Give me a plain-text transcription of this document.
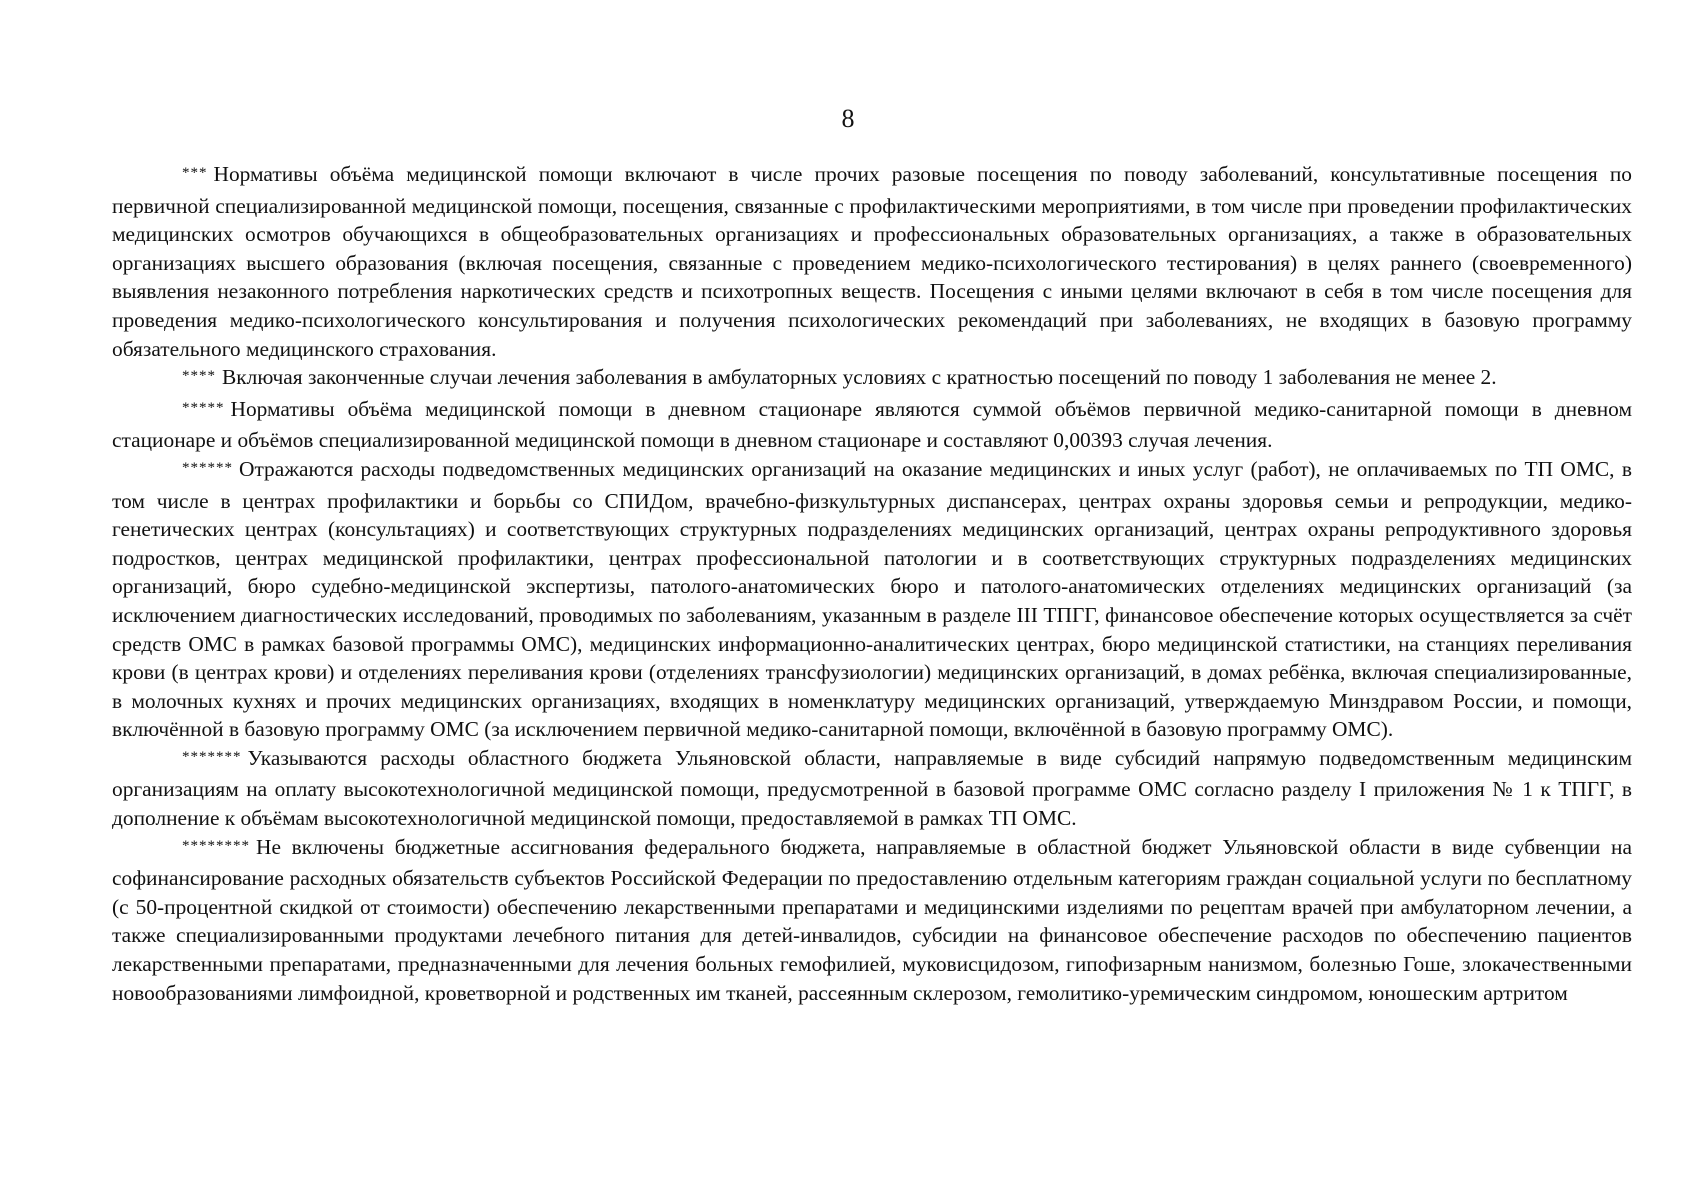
8

*** Нормативы объёма медицинской помощи включают в числе прочих разовые посещения по поводу заболеваний, консультативные посещения по первичной специализированной медицинской помощи, посещения, связанные с профилактическими мероприятиями, в том числе при проведении профилактических медицинских осмотров обучающихся в общеобразовательных организациях и профессиональных образовательных организациях, а также в образовательных организациях высшего образования (включая посещения, связанные с проведением медико-психологического тестирования) в целях раннего (своевременного) выявления незаконного потребления наркотических средств и психотропных веществ. Посещения с иными целями включают в себя в том числе посещения для проведения медико-психологического консультирования и получения психологических рекомендаций при заболеваниях, не входящих в базовую программу обязательного медицинского страхования.

**** Включая законченные случаи лечения заболевания в амбулаторных условиях с кратностью посещений по поводу 1 заболевания не менее 2.

***** Нормативы объёма медицинской помощи в дневном стационаре являются суммой объёмов первичной медико-санитарной помощи в дневном стационаре и объёмов специализированной медицинской помощи в дневном стационаре и составляют 0,00393 случая лечения.

****** Отражаются расходы подведомственных медицинских организаций на оказание медицинских и иных услуг (работ), не оплачиваемых по ТП ОМС, в том числе в центрах профилактики и борьбы со СПИДом, врачебно-физкультурных диспансерах, центрах охраны здоровья семьи и репродукции, медико-генетических центрах (консультациях) и соответствующих структурных подразделениях медицинских организаций, центрах охраны репродуктивного здоровья подростков, центрах медицинской профилактики, центрах профессиональной патологии и в соответствующих структурных подразделениях медицинских организаций, бюро судебно-медицинской экспертизы, патолого-анатомических бюро и патолого-анатомических отделениях медицинских организаций (за исключением диагностических исследований, проводимых по заболеваниям, указанным в разделе III ТПГГ, финансовое обеспечение которых осуществляется за счёт средств ОМС в рамках базовой программы ОМС), медицинских информационно-аналитических центрах, бюро медицинской статистики, на станциях переливания крови (в центрах крови) и отделениях переливания крови (отделениях трансфузиологии) медицинских организаций, в домах ребёнка, включая специализированные, в молочных кухнях и прочих медицинских организациях, входящих в номенклатуру медицинских организаций, утверждаемую Минздравом России, и помощи, включённой в базовую программу ОМС (за исключением первичной медико-санитарной помощи, включённой в базовую программу ОМС).

******* Указываются расходы областного бюджета Ульяновской области, направляемые в виде субсидий напрямую подведомственным медицинским организациям на оплату высокотехнологичной медицинской помощи, предусмотренной в базовой программе ОМС согласно разделу I приложения № 1 к ТПГГ, в дополнение к объёмам высокотехнологичной медицинской помощи, предоставляемой в рамках ТП ОМС.

******** Не включены бюджетные ассигнования федерального бюджета, направляемые в областной бюджет Ульяновской области в виде субвенции на софинансирование расходных обязательств субъектов Российской Федерации по предоставлению отдельным категориям граждан социальной услуги по бесплатному (с 50-процентной скидкой от стоимости) обеспечению лекарственными препаратами и медицинскими изделиями по рецептам врачей при амбулаторном лечении, а также специализированными продуктами лечебного питания для детей-инвалидов, субсидии на финансовое обеспечение расходов по обеспечению пациентов лекарственными препаратами, предназначенными для лечения больных гемофилией, муковисцидозом, гипофизарным нанизмом, болезнью Гоше, злокачественными новообразованиями лимфоидной, кроветворной и родственных им тканей, рассеянным склерозом, гемолитико-уремическим синдромом, юношеским артритом
